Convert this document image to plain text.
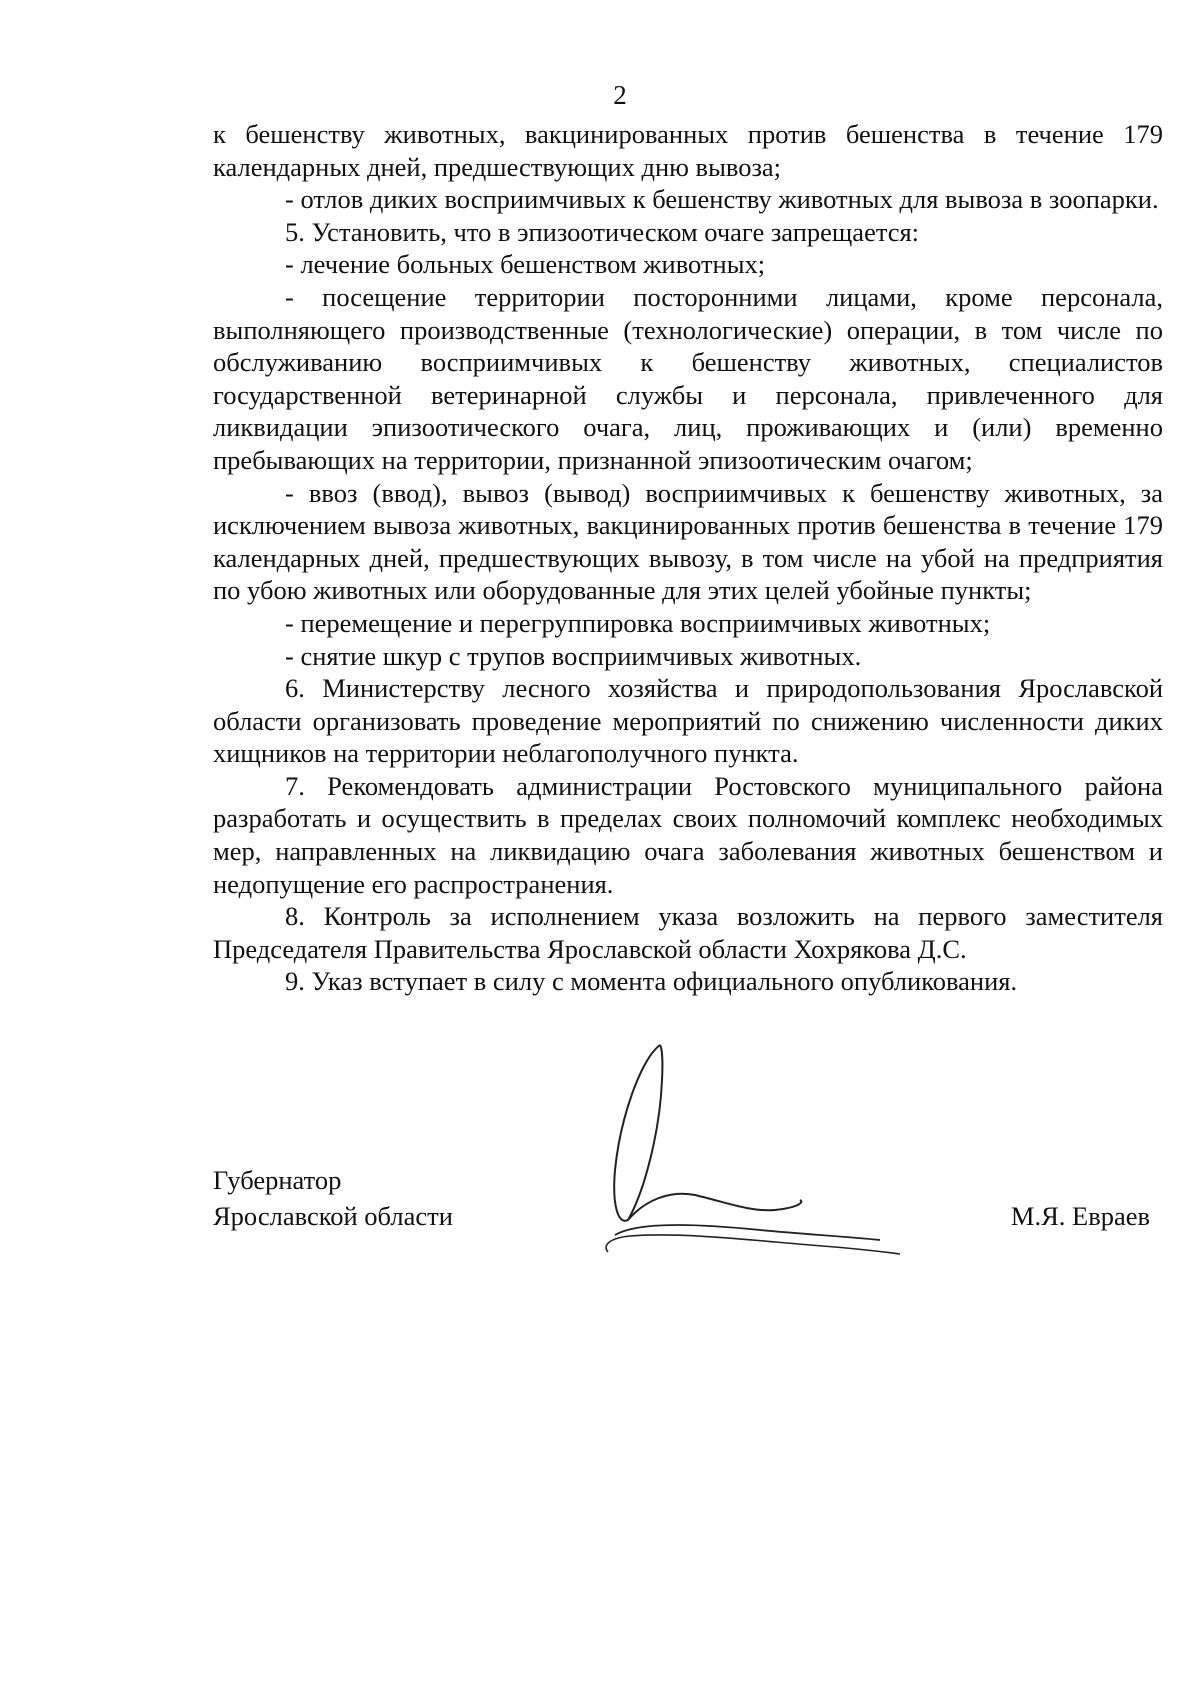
2

к бешенству животных, вакцинированных против бешенства в течение 179 календарных дней, предшествующих дню вывоза;

- отлов диких восприимчивых к бешенству животных для вывоза в зоопарки.

5. Установить, что в эпизоотическом очаге запрещается:

- лечение больных бешенством животных;

- посещение территории посторонними лицами, кроме персонала, выполняющего производственные (технологические) операции, в том числе по обслуживанию восприимчивых к бешенству животных, специалистов государственной ветеринарной службы и персонала, привлеченного для ликвидации эпизоотического очага, лиц, проживающих и (или) временно пребывающих на территории, признанной эпизоотическим очагом;

- ввоз (ввод), вывоз (вывод) восприимчивых к бешенству животных, за исключением вывоза животных, вакцинированных против бешенства в течение 179 календарных дней, предшествующих вывозу, в том числе на убой на предприятия по убою животных или оборудованные для этих целей убойные пункты;

- перемещение и перегруппировка восприимчивых животных;

- снятие шкур с трупов восприимчивых животных.

6. Министерству лесного хозяйства и природопользования Ярославской области организовать проведение мероприятий по снижению численности диких хищников на территории неблагополучного пункта.

7. Рекомендовать администрации Ростовского муниципального района разработать и осуществить в пределах своих полномочий комплекс необходимых мер, направленных на ликвидацию очага заболевания животных бешенством и недопущение его распространения.

8. Контроль за исполнением указа возложить на первого заместителя Председателя Правительства Ярославской области Хохрякова Д.С.

9. Указ вступает в силу с момента официального опубликования.

Губернатор
Ярославской области	М.Я. Евраев
